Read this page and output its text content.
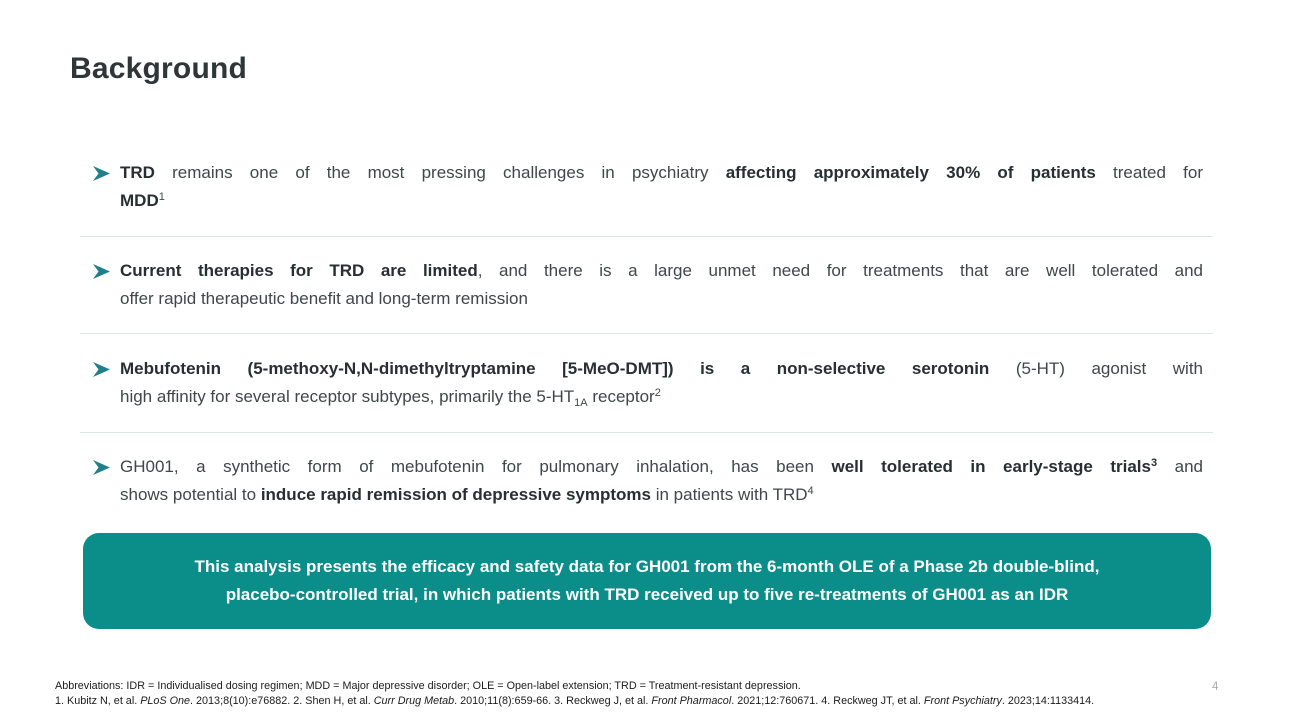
Background
TRD remains one of the most pressing challenges in psychiatry affecting approximately 30% of patients treated for
MDD$^1$
Current therapies for TRD are limited, and there is a large unmet need for treatments that are well tolerated and
offer rapid therapeutic benefit and long-term remission
Mebufotenin (5-methoxy-N,N-dimethyltryptamine [5-MeO-DMT]) is a non-selective serotonin (5-HT) agonist with
high affinity for several receptor subtypes, primarily the $5-HT_{1A}$ receptor$^2$
GH001, a synthetic form of mebufotenin for pulmonary inhalation, has been well tolerated in early-stage trials$^3$ and
shows potential to induce rapid remission of depressive symptoms in patients with TRD$^4$
This analysis presents the efficacy and safety data for GH001 from the 6-month OLE of a Phase 2b double-blind,
placebo-controlled trial, in which patients with TRD received up to five re-treatments of GH001 as an IDR
Abbreviations: IDR = Individualised dosing regimen; MDD = Major depressive disorder; OLE = Open-label extension; TRD = Treatment-resistant depression.
1. Kubitz N, et al. PLoS One. 2013;8(10):e76882. 2. Shen H, et al. Curr Drug Metab. 2010;11(8):659-66. 3. Reckweg J, et al. Front Pharmacol. 2021;12:760671. 4. Reckweg JT, et al. Front Psychiatry. 2023;14:1133414.
4
